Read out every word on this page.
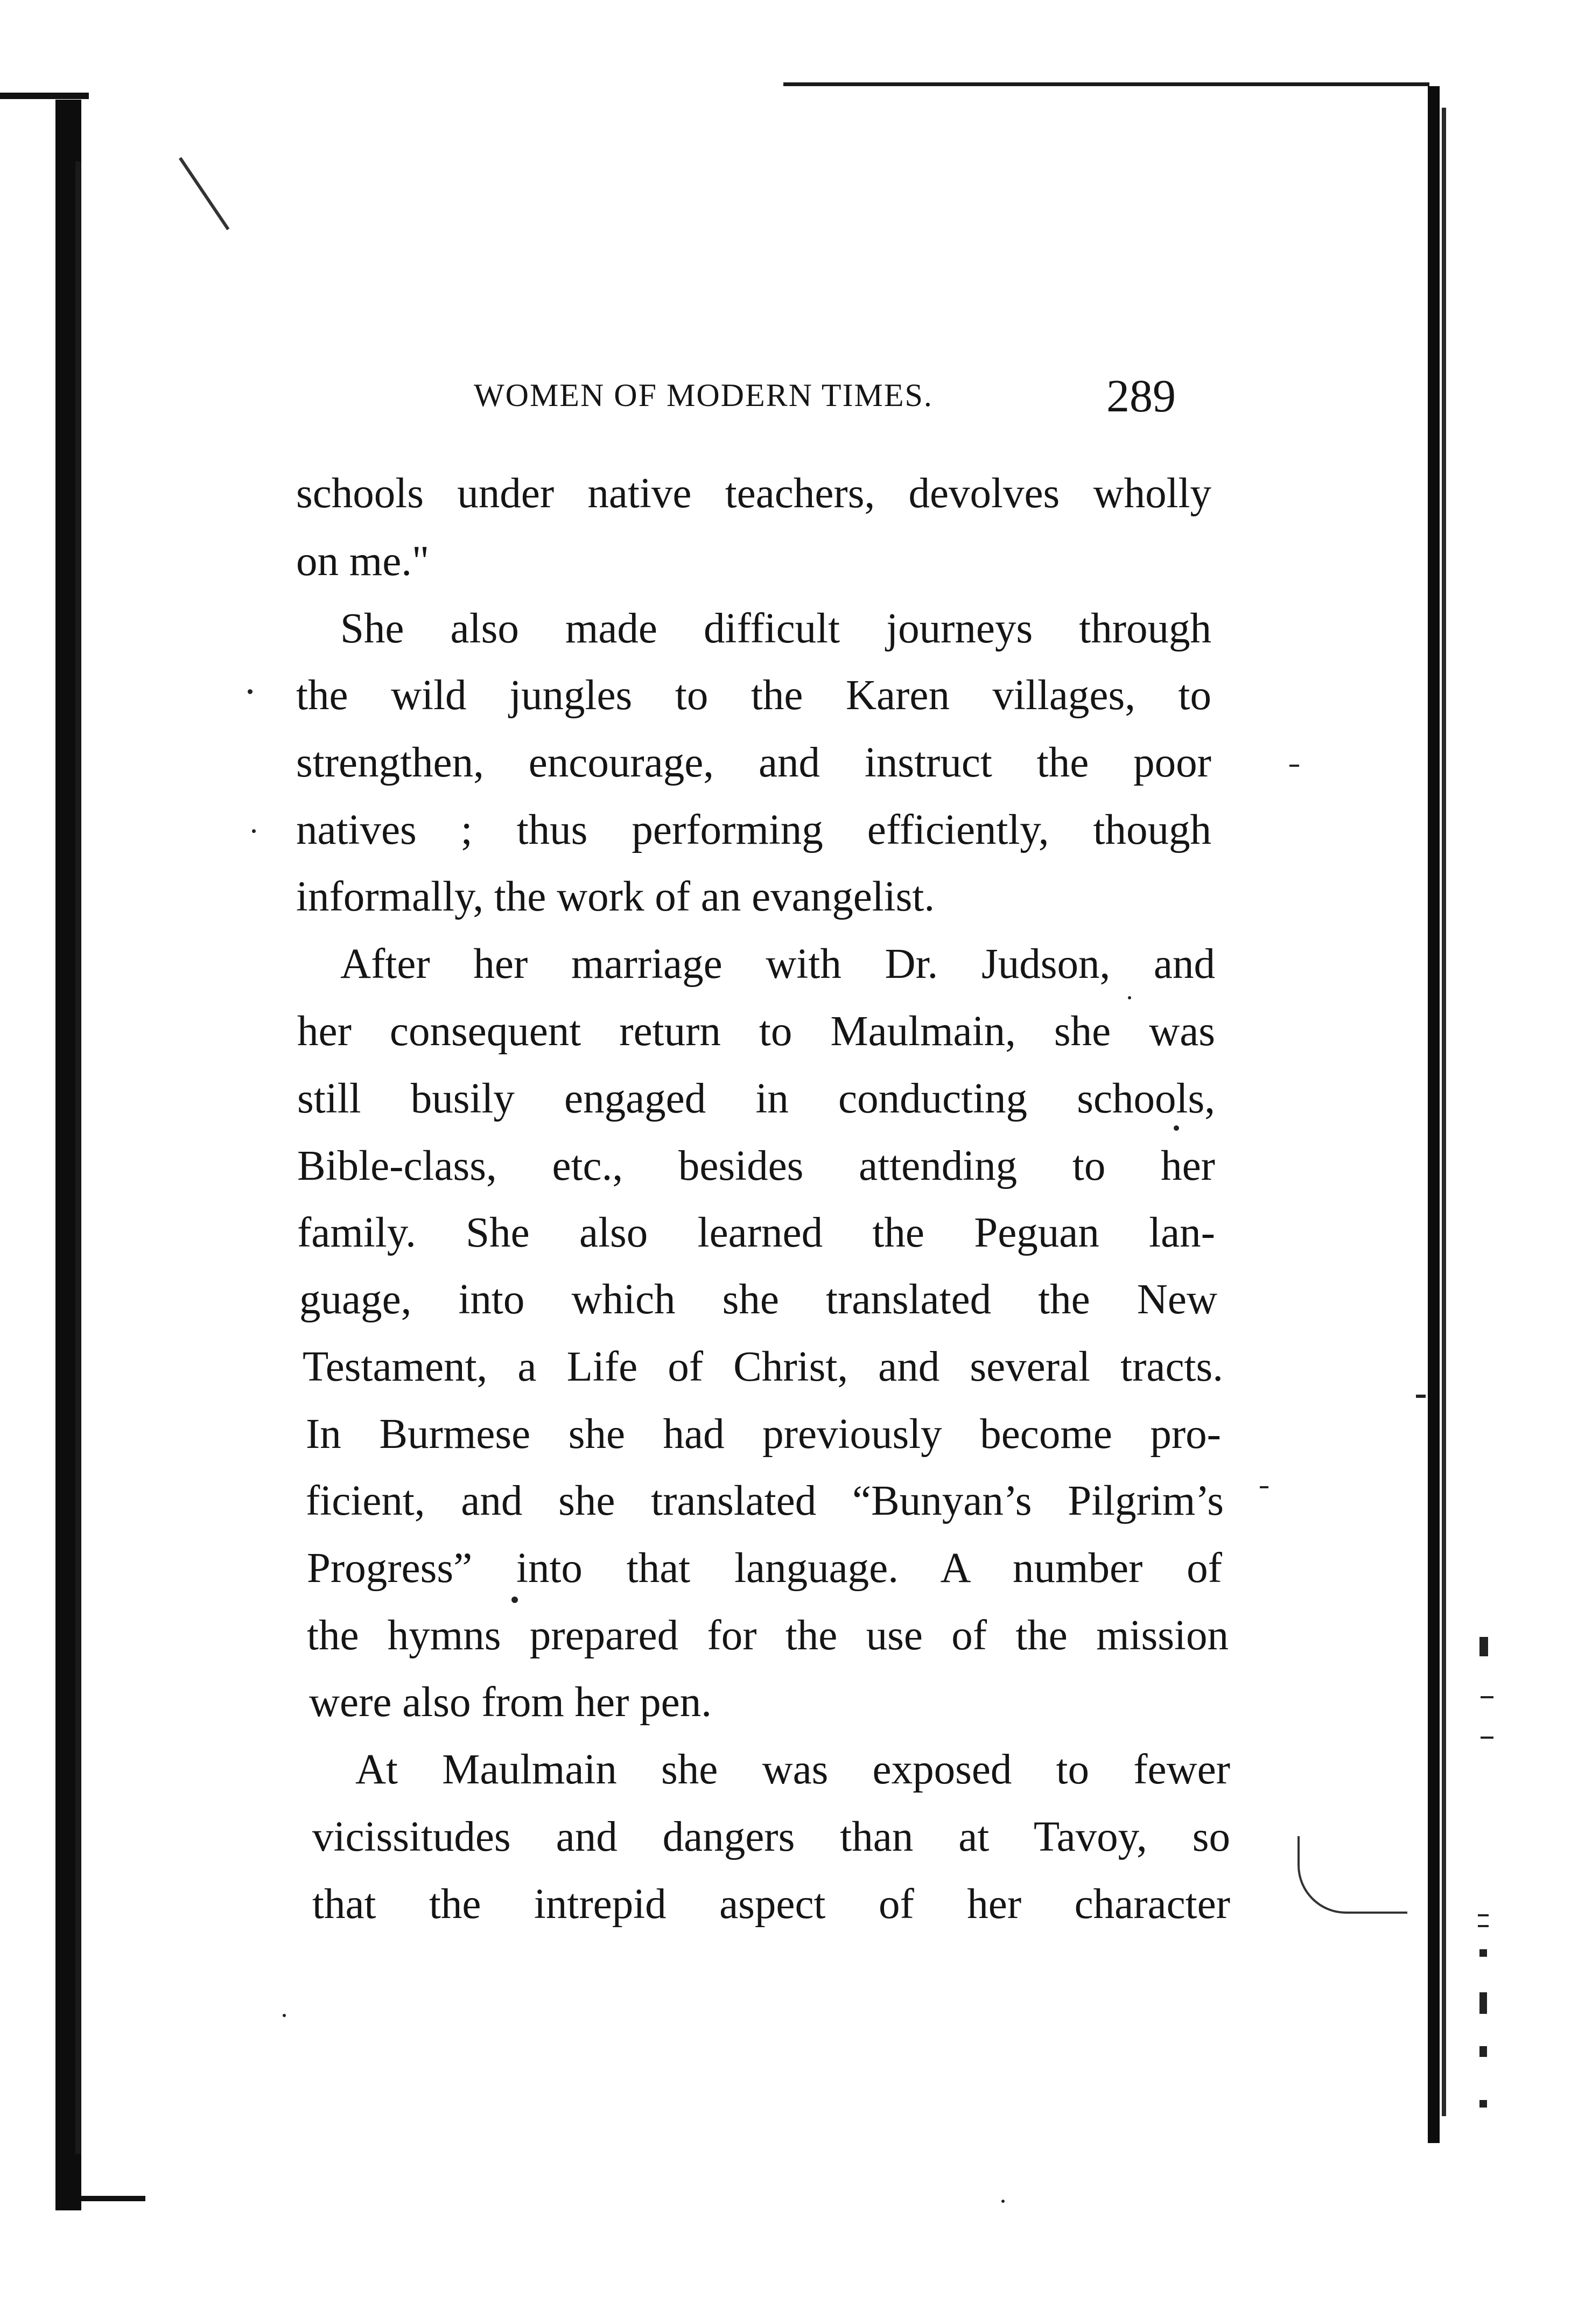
WOMEN OF MODERN TIMES.	289
schools under native teachers, devolves wholly
on me."
She also made difficult journeys through
the wild jungles to the Karen villages, to
strengthen, encourage, and instruct the poor
natives ; thus performing efficiently, though
informally, the work of an evangelist.
After her marriage with Dr. Judson, and
her consequent return to Maulmain, she was
still busily engaged in conducting schools,
Bible-class, etc., besides attending to her
family. She also learned the Peguan lan-
guage, into which she translated the New
Testament, a Life of Christ, and several tracts.
In Burmese she had previously become pro-
ficient, and she translated “Bunyan’s Pilgrim’s
Progress” into that language. A number of
the hymns prepared for the use of the mission
were also from her pen.
At Maulmain she was exposed to fewer
vicissitudes and dangers than at Tavoy, so
that the intrepid aspect of her character
